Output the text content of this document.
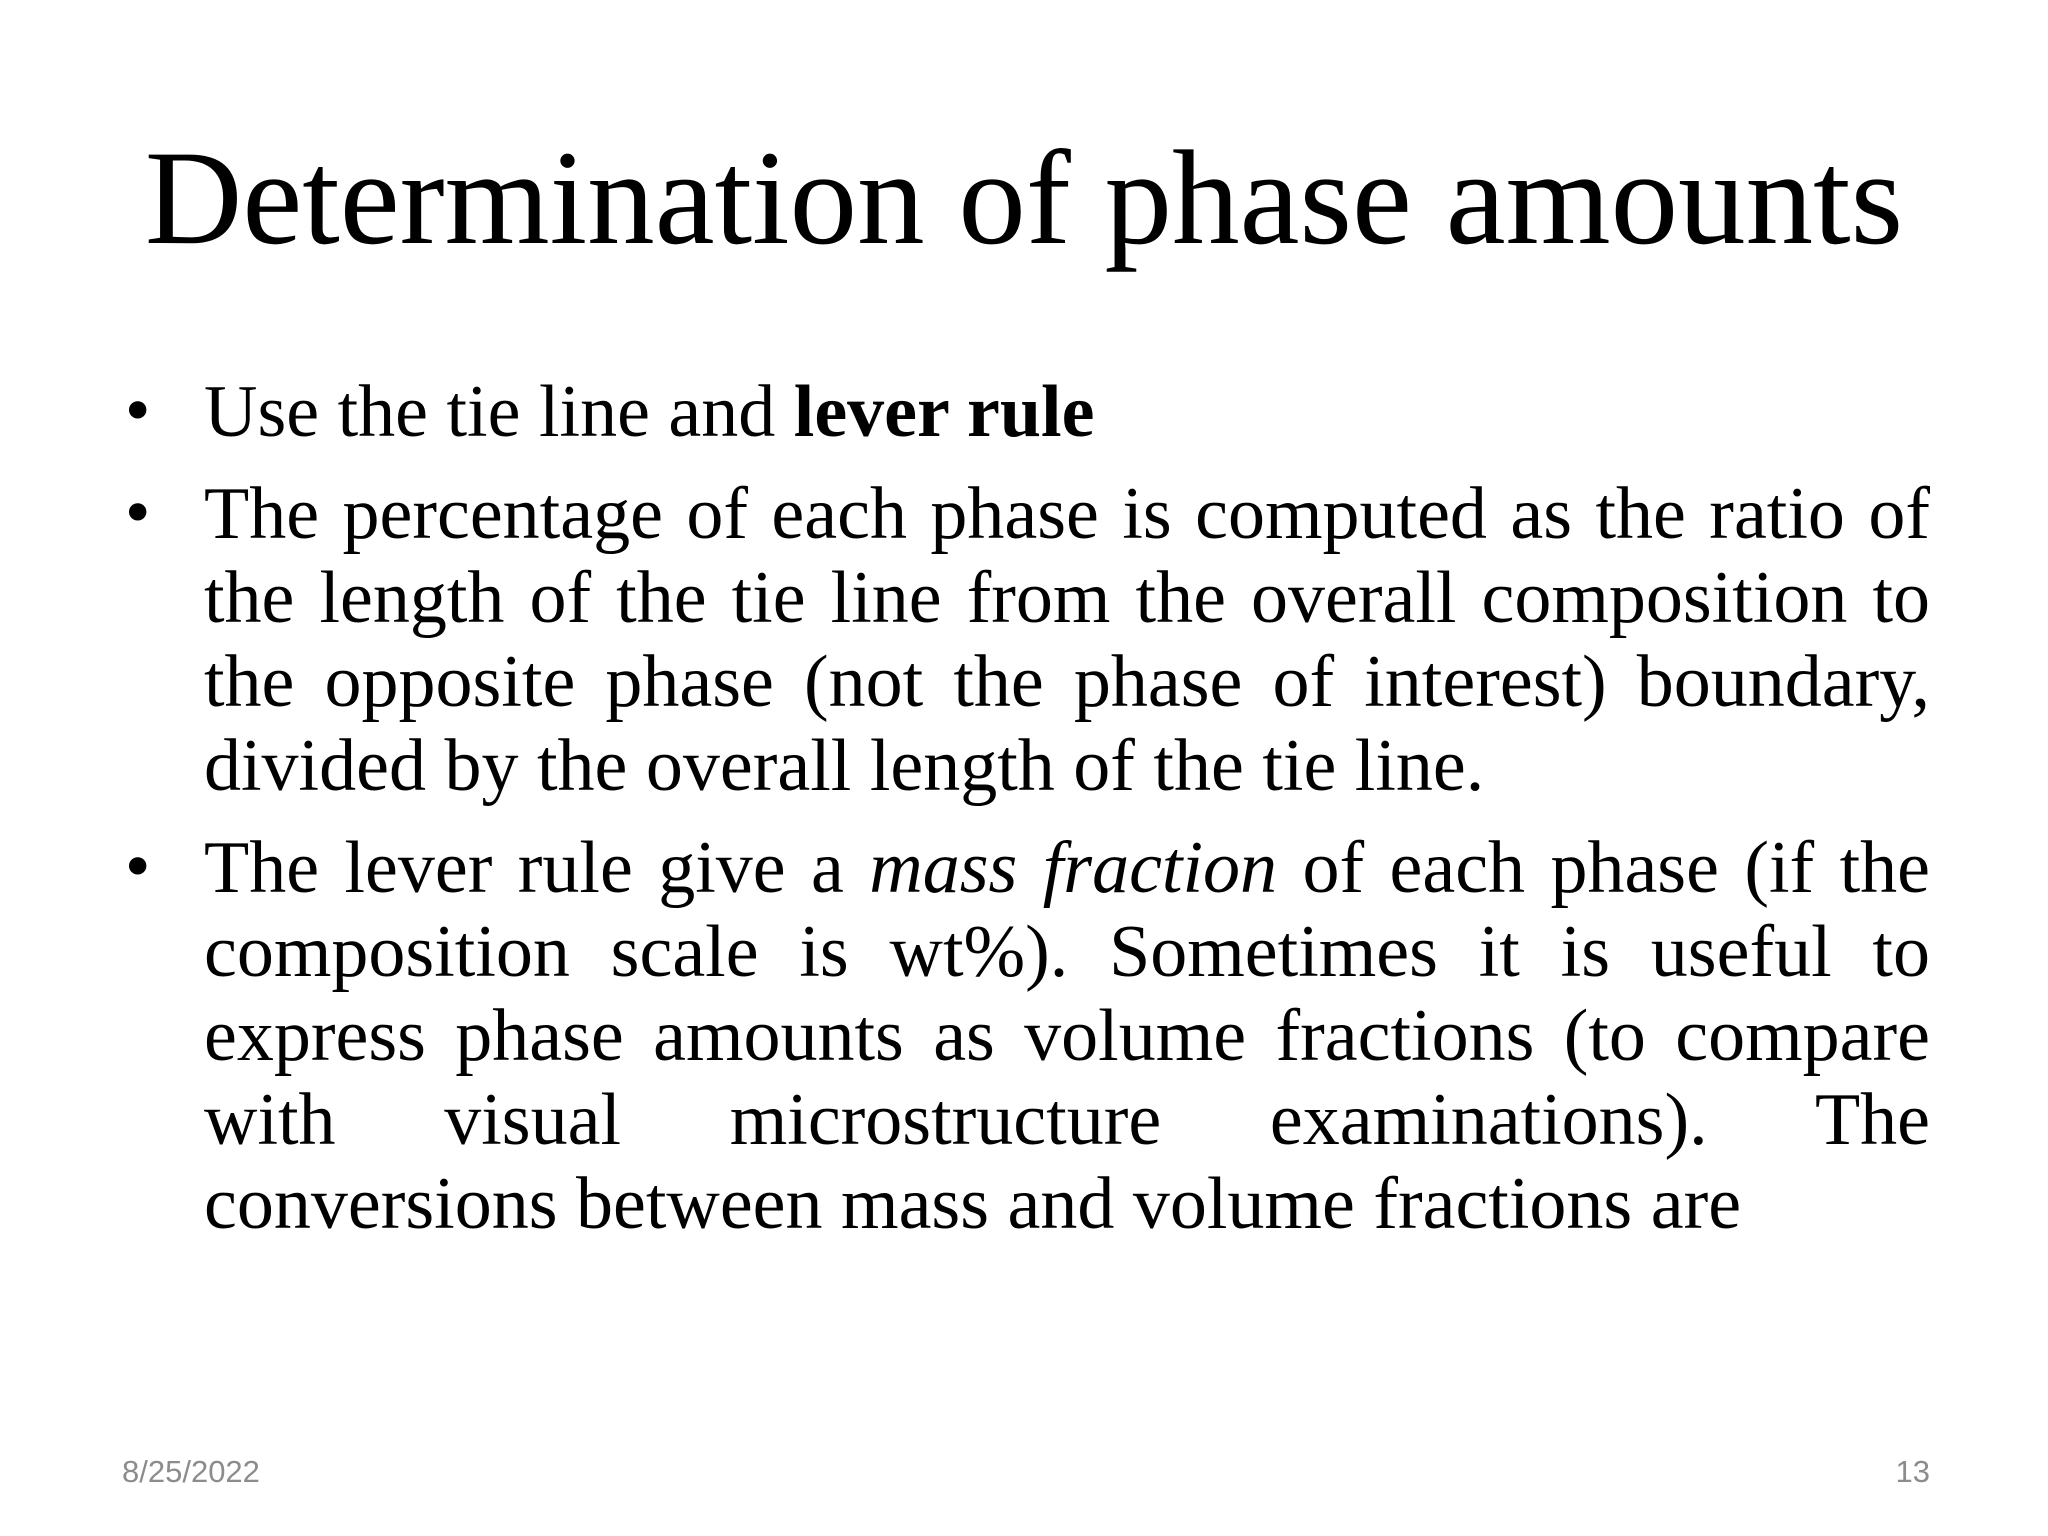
Determination of phase amounts
• Use the tie line and lever rule
• The percentage of each phase is computed as the ratio of the length of the tie line from the overall composition to the opposite phase (not the phase of interest) boundary, divided by the overall length of the tie line.
• The lever rule give a mass fraction of each phase (if the composition scale is wt%). Sometimes it is useful to express phase amounts as volume fractions (to compare with visual microstructure examinations). The conversions between mass and volume fractions are
8/25/2022	13
